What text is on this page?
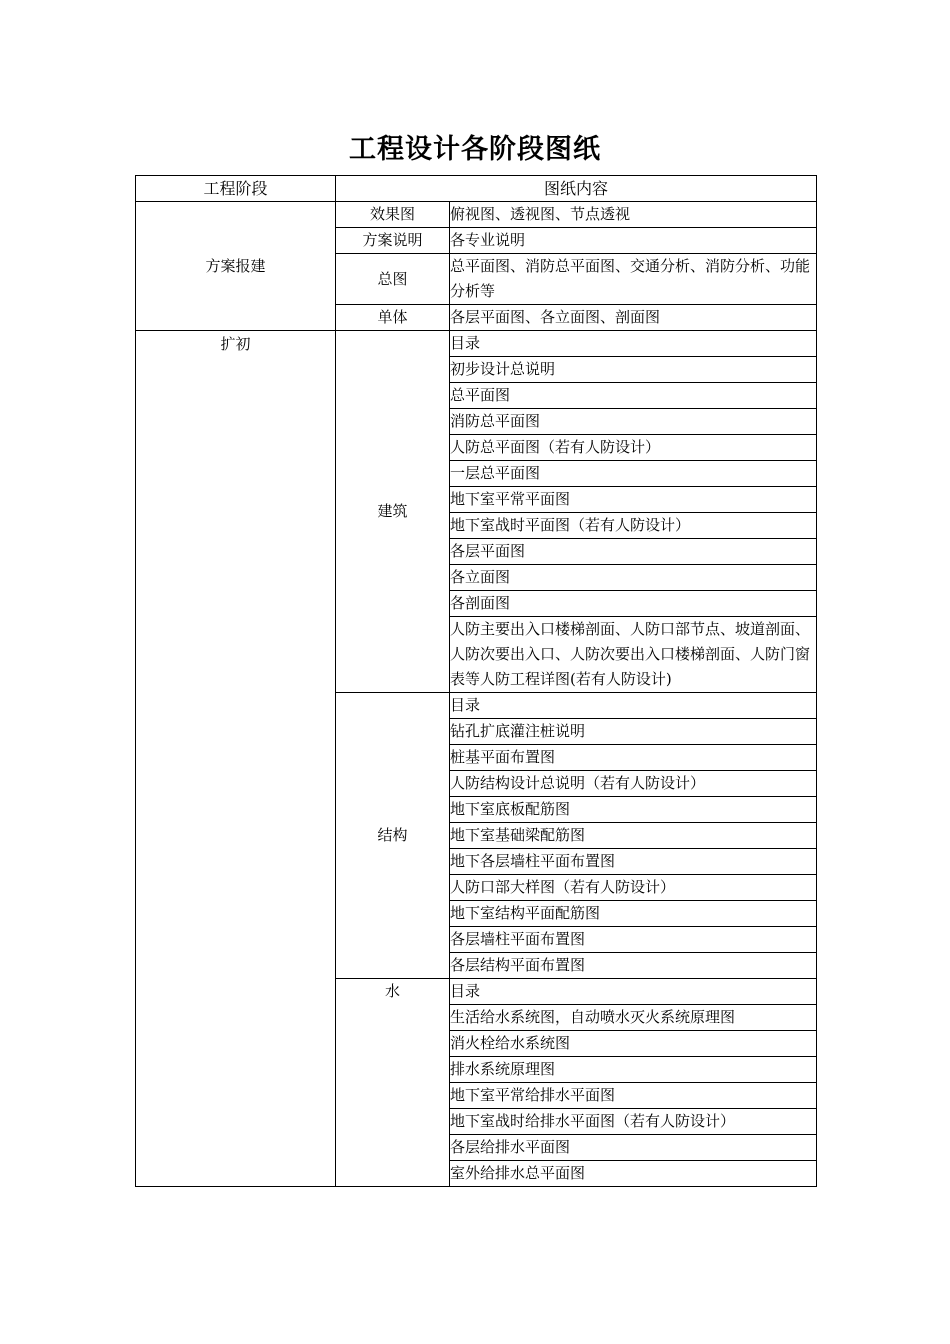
工程设计各阶段图纸
工程阶段	图纸内容	
方案报建	效果图	俯视图、透视图、节点透视
	方案说明	各专业说明
	总图	总平面图、消防总平面图、交通分析、消防分析、功能分析等
	单体	各层平面图、各立面图、剖面图
扩初	建筑	目录
		初步设计总说明
		总平面图
		消防总平面图
		人防总平面图（若有人防设计）
		一层总平面图
		地下室平常平面图
		地下室战时平面图（若有人防设计）
		各层平面图
		各立面图
		各剖面图
		人防主要出入口楼梯剖面、人防口部节点、坡道剖面、人防次要出入口、人防次要出入口楼梯剖面、人防门窗表等人防工程详图(若有人防设计)
	结构	目录
		钻孔扩底灌注桩说明
		桩基平面布置图
		人防结构设计总说明（若有人防设计）
		地下室底板配筋图
		地下室基础梁配筋图
		地下各层墙柱平面布置图
		人防口部大样图（若有人防设计）
		地下室结构平面配筋图
		各层墙柱平面布置图
		各层结构平面布置图
	水	目录
		生活给水系统图，自动喷水灭火系统原理图
		消火栓给水系统图
		排水系统原理图
		地下室平常给排水平面图
		地下室战时给排水平面图（若有人防设计）
		各层给排水平面图
		室外给排水总平面图
